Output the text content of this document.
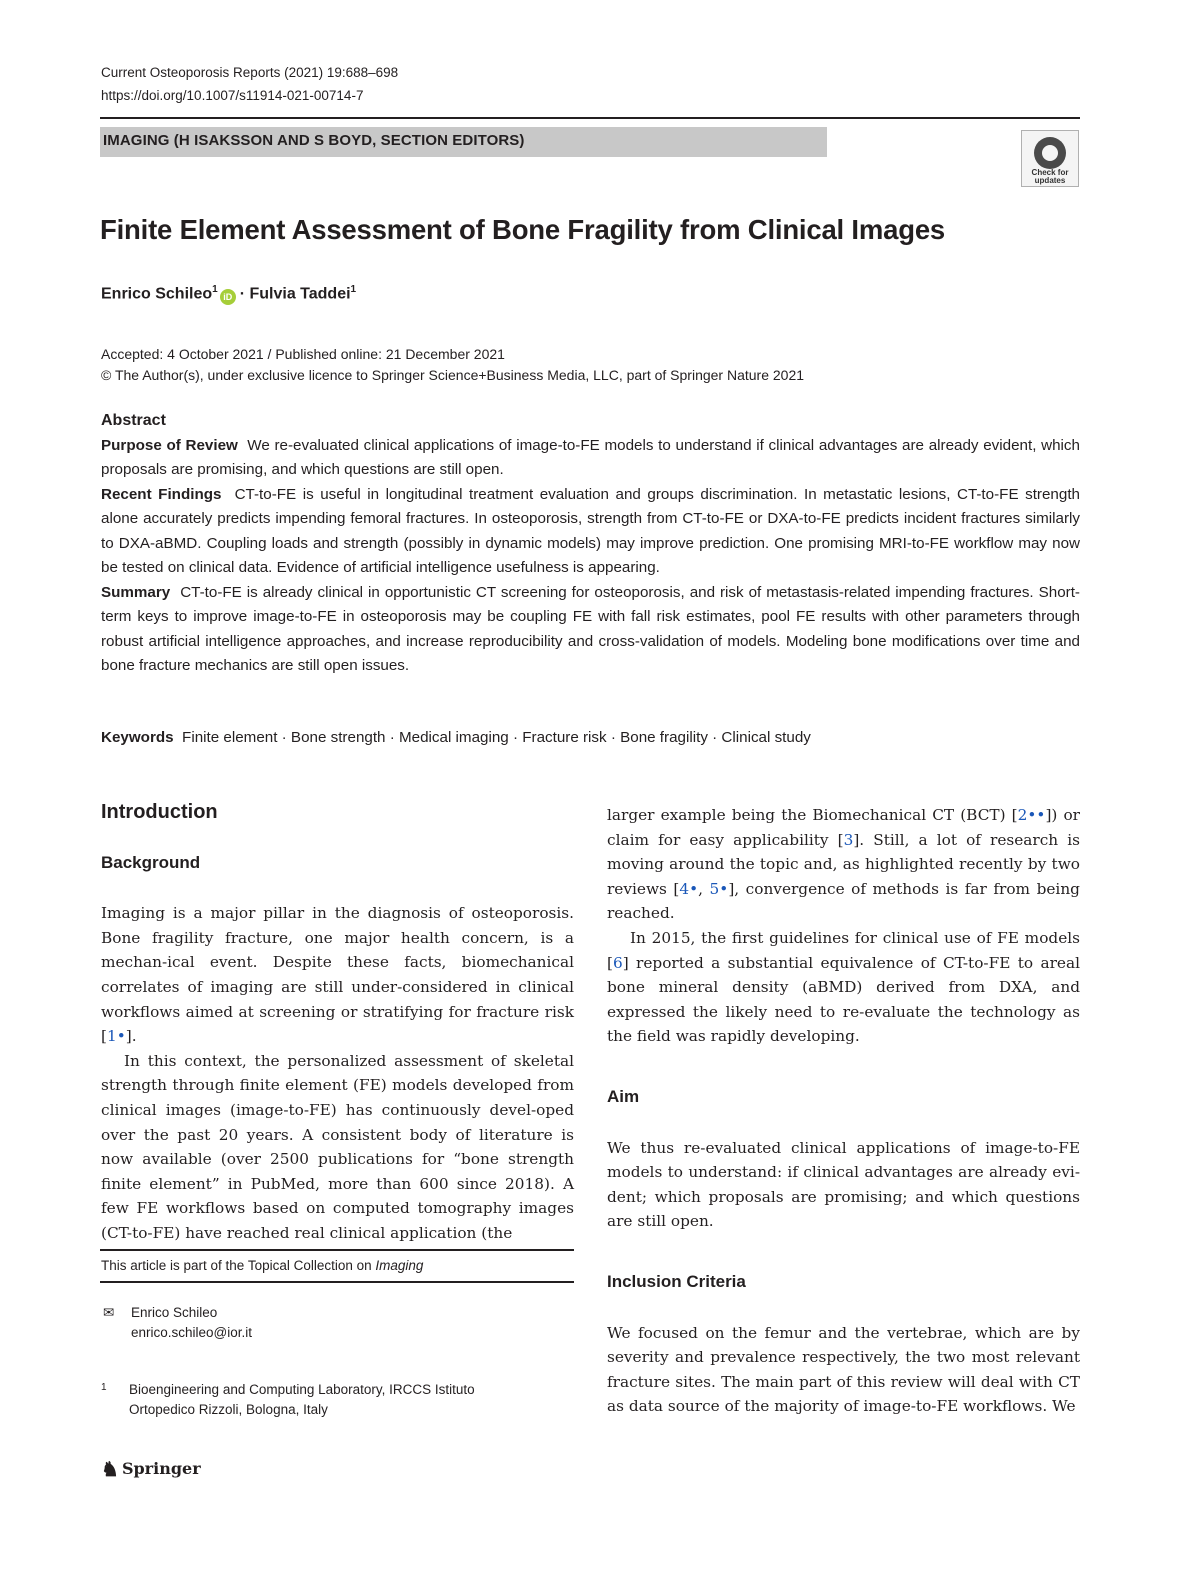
Current Osteoporosis Reports (2021) 19:688–698
https://doi.org/10.1007/s11914-021-00714-7
IMAGING (H ISAKSSON AND S BOYD, SECTION EDITORS)
Check for updates
Finite Element Assessment of Bone Fragility from Clinical Images
Enrico Schileo$^1$iD · Fulvia Taddei$^1$
Accepted: 4 October 2021 / Published online: 21 December 2021
© The Author(s), under exclusive licence to Springer Science+Business Media, LLC, part of Springer Nature 2021

Abstract

Purpose of Review We re-evaluated clinical applications of image-to-FE models to understand if clinical advantages are already evident, which proposals are promising, and which questions are still open.

Recent Findings CT-to-FE is useful in longitudinal treatment evaluation and groups discrimination. In metastatic lesions, CT-to-FE strength alone accurately predicts impending femoral fractures. In osteoporosis, strength from CT-to-FE or DXA-to-FE predicts incident fractures similarly to DXA-aBMD. Coupling loads and strength (possibly in dynamic models) may improve prediction. One promising MRI-to-FE workflow may now be tested on clinical data. Evidence of artificial intelligence usefulness is appearing.

Summary CT-to-FE is already clinical in opportunistic CT screening for osteoporosis, and risk of metastasis-related impending fractures. Short-term keys to improve image-to-FE in osteoporosis may be coupling FE with fall risk estimates, pool FE results with other parameters through robust artificial intelligence approaches, and increase reproducibility and cross-validation of models. Modeling bone modifications over time and bone fracture mechanics are still open issues.

Keywords Finite element · Bone strength · Medical imaging · Fracture risk · Bone fragility · Clinical study

Introduction

Background

Imaging is a major pillar in the diagnosis of osteoporosis. Bone fragility fracture, one major health concern, is a mechan-ical event. Despite these facts, biomechanical correlates of imaging are still under-considered in clinical workflows aimed at screening or stratifying for fracture risk [1•].

In this context, the personalized assessment of skeletal strength through finite element (FE) models developed from clinical images (image-to-FE) has continuously devel-oped over the past 20 years. A consistent body of literature is now available (over 2500 publications for “bone strength finite element” in PubMed, more than 600 since 2018). A few FE workflows based on computed tomography images (CT-to-FE) have reached real clinical application (the

This article is part of the Topical Collection on Imaging
✉ Enrico Schileo
enrico.schileo@ior.it
1 Bioengineering and Computing Laboratory, IRCCS Istituto
Ortopedico Rizzoli, Bologna, Italy

larger example being the Biomechanical CT (BCT) [2••]) or claim for easy applicability [3]. Still, a lot of research is moving around the topic and, as highlighted recently by two reviews [4•, 5•], convergence of methods is far from being reached.

In 2015, the first guidelines for clinical use of FE models [6] reported a substantial equivalence of CT-to-FE to areal bone mineral density (aBMD) derived from DXA, and expressed the likely need to re-evaluate the technology as the field was rapidly developing.

Aim

We thus re-evaluated clinical applications of image-to-FE models to understand: if clinical advantages are already evi-dent; which proposals are promising; and which questions are still open.

Inclusion Criteria

We focused on the femur and the vertebrae, which are by severity and prevalence respectively, the two most relevant fracture sites. The main part of this review will deal with CT as data source of the majority of image-to-FE workflows. We

♞ Springer
